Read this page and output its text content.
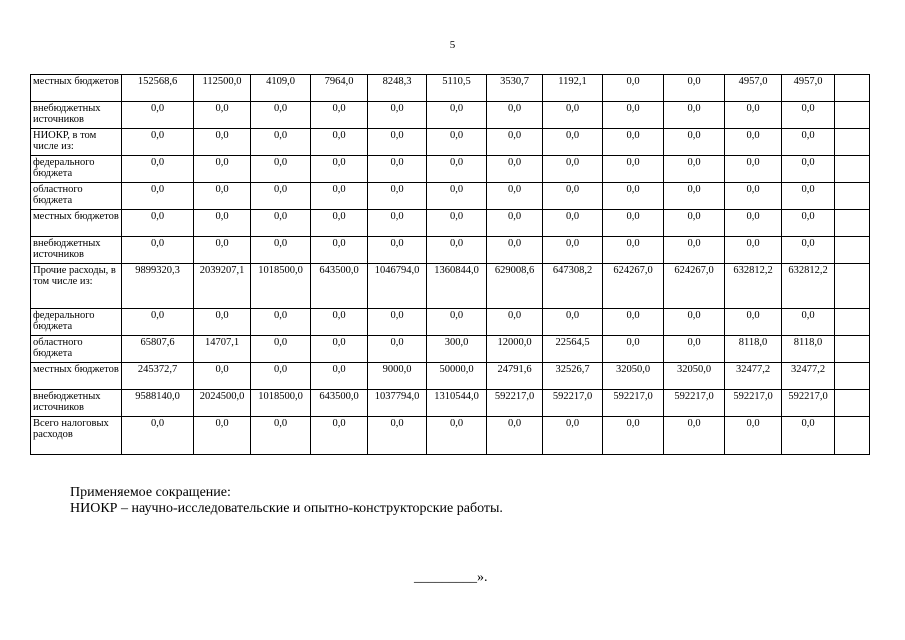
5
местных бюджетов	152568,6	112500,0	4109,0	7964,0	8248,3	5110,5	3530,7	1192,1	0,0	0,0	4957,0	4957,0	
внебюджетных источников	0,0	0,0	0,0	0,0	0,0	0,0	0,0	0,0	0,0	0,0	0,0	0,0	
НИОКР, в том числе из:	0,0	0,0	0,0	0,0	0,0	0,0	0,0	0,0	0,0	0,0	0,0	0,0	
федерального бюджета	0,0	0,0	0,0	0,0	0,0	0,0	0,0	0,0	0,0	0,0	0,0	0,0	
областного бюджета	0,0	0,0	0,0	0,0	0,0	0,0	0,0	0,0	0,0	0,0	0,0	0,0	
местных бюджетов	0,0	0,0	0,0	0,0	0,0	0,0	0,0	0,0	0,0	0,0	0,0	0,0	
внебюджетных источников	0,0	0,0	0,0	0,0	0,0	0,0	0,0	0,0	0,0	0,0	0,0	0,0	
Прочие расходы, в том числе из:	9899320,3	2039207,1	1018500,0	643500,0	1046794,0	1360844,0	629008,6	647308,2	624267,0	624267,0	632812,2	632812,2	
федерального бюджета	0,0	0,0	0,0	0,0	0,0	0,0	0,0	0,0	0,0	0,0	0,0	0,0	
областного бюджета	65807,6	14707,1	0,0	0,0	0,0	300,0	12000,0	22564,5	0,0	0,0	8118,0	8118,0	
местных бюджетов	245372,7	0,0	0,0	0,0	9000,0	50000,0	24791,6	32526,7	32050,0	32050,0	32477,2	32477,2	
внебюджетных источников	9588140,0	2024500,0	1018500,0	643500,0	1037794,0	1310544,0	592217,0	592217,0	592217,0	592217,0	592217,0	592217,0	
Всего налоговых расходов	0,0	0,0	0,0	0,0	0,0	0,0	0,0	0,0	0,0	0,0	0,0	0,0	
Применяемое сокращение:
НИОКР – научно-исследовательские и опытно-конструкторские работы.
_________».
